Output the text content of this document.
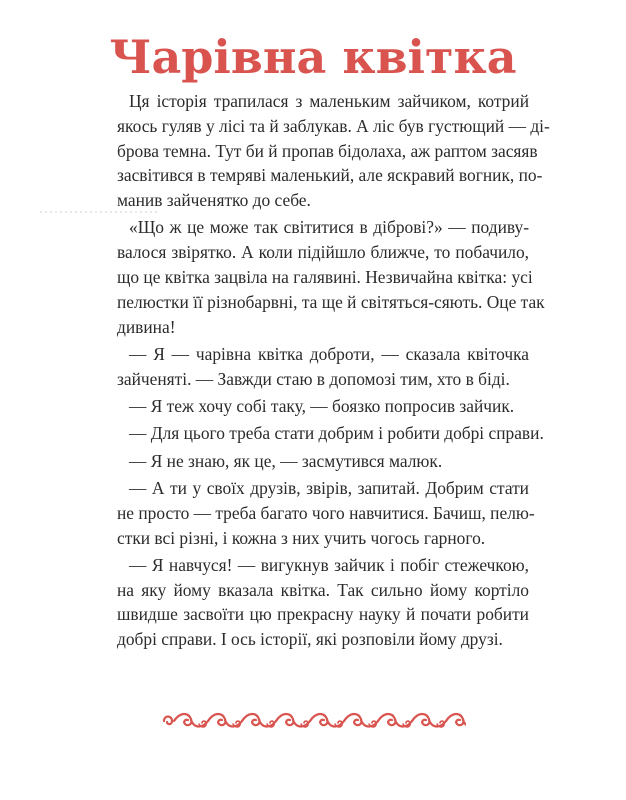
Чарівна квітка
Ця історія трапилася з маленьким зайчиком, котрий
якось гуляв у лісі та й заблукав. А ліс був густющий — ді-
брова темна. Тут би й пропав бідолаха, аж раптом засяяв
засвітився в темряві маленький, але яскравий вогник, по-
манив зайченятко до себе.
«Що ж це може так світитися в діброві?» — подиву-
валося звірятко. А коли підійшло ближче, то побачило,
що це квітка зацвіла на галявині. Незвичайна квітка: усі
пелюстки її різнобарвні, та ще й світяться-сяють. Оце так
дивина!
— Я — чарівна квітка доброти, — сказала квіточка
зайченяті. — Завжди стаю в допомозі тим, хто в біді.
— Я теж хочу собі таку, — боязко попросив зайчик.
— Для цього треба стати добрим і робити добрі справи.
— Я не знаю, як це, — засмутився малюк.
— А ти у своїх друзів, звірів, запитай. Добрим стати
не просто — треба багато чого навчитися. Бачиш, пелю-
стки всі різні, і кожна з них учить чогось гарного.
— Я навчуся! — вигукнув зайчик і побіг стежечкою,
на яку йому вказала квітка. Так сильно йому кортіло
швидше засвоїти цю прекрасну науку й почати робити
добрі справи. І ось історії, які розповіли йому друзі.
